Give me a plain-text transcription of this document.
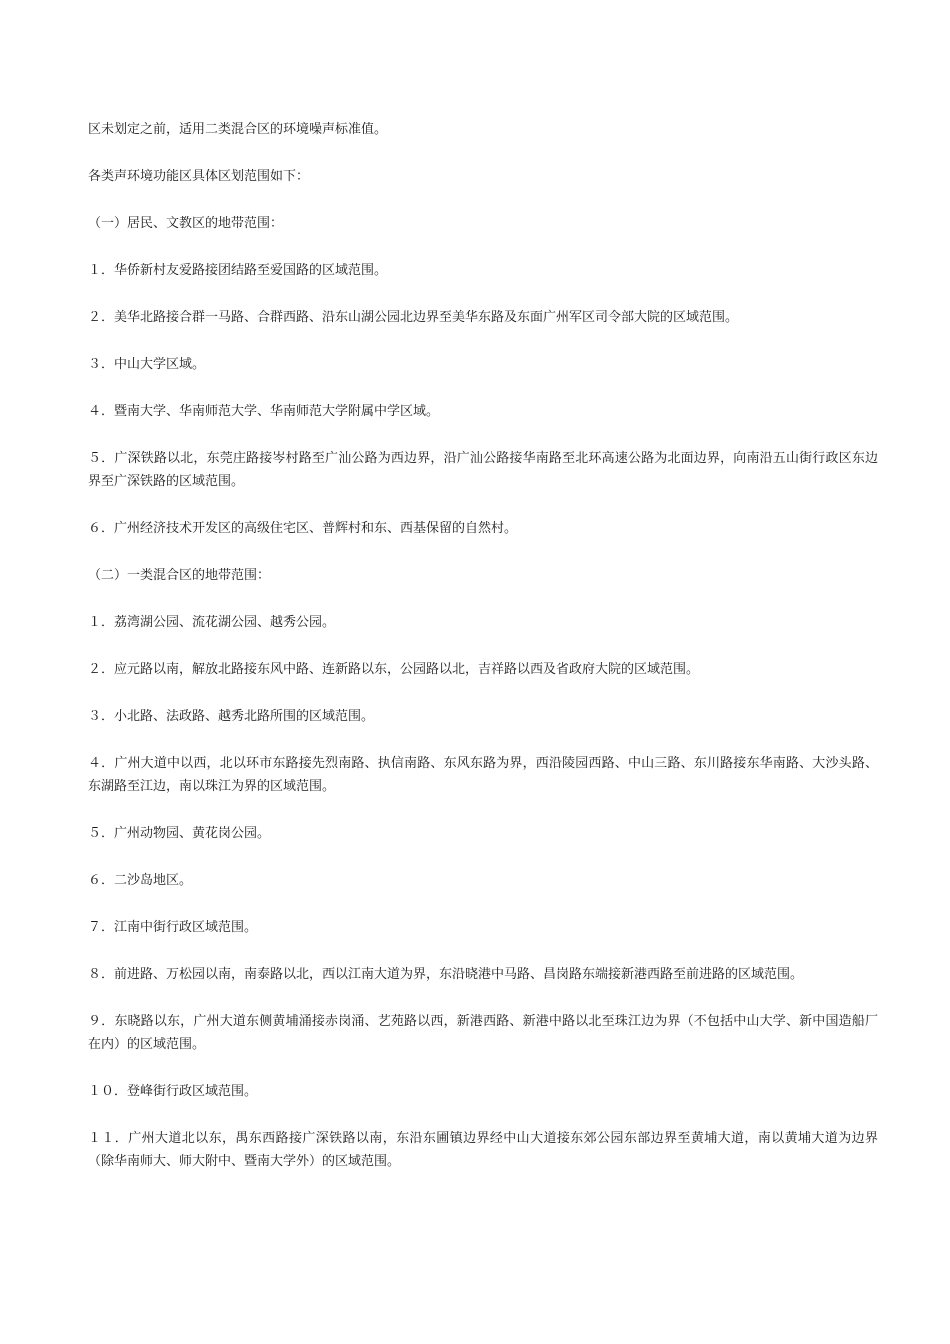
区未划定之前，适用二类混合区的环境噪声标准值。

各类声环境功能区具体区划范围如下：

（一）居民、文教区的地带范围：

１．华侨新村友爱路接团结路至爱国路的区域范围。

２．美华北路接合群一马路、合群西路、沿东山湖公园北边界至美华东路及东面广州军区司令部大院的区域范围。

３．中山大学区域。

４．暨南大学、华南师范大学、华南师范大学附属中学区域。

５．广深铁路以北，东莞庄路接岑村路至广汕公路为西边界，沿广汕公路接华南路至北环高速公路为北面边界，向南沿五山街行政区东边界至广深铁路的区域范围。

６．广州经济技术开发区的高级住宅区、普辉村和东、西基保留的自然村。

（二）一类混合区的地带范围：

１．荔湾湖公园、流花湖公园、越秀公园。

２．应元路以南，解放北路接东风中路、连新路以东，公园路以北，吉祥路以西及省政府大院的区域范围。

３．小北路、法政路、越秀北路所围的区域范围。

４．广州大道中以西，北以环市东路接先烈南路、执信南路、东风东路为界，西沿陵园西路、中山三路、东川路接东华南路、大沙头路、东湖路至江边，南以珠江为界的区域范围。

５．广州动物园、黄花岗公园。

６．二沙岛地区。

７．江南中街行政区域范围。

８．前进路、万松园以南，南泰路以北，西以江南大道为界，东沿晓港中马路、昌岗路东端接新港西路至前进路的区域范围。

９．东晓路以东，广州大道东侧黄埔涌接赤岗涌、艺苑路以西，新港西路、新港中路以北至珠江边为界（不包括中山大学、新中国造船厂在内）的区域范围。

１０．登峰街行政区域范围。

１１．广州大道北以东，禺东西路接广深铁路以南，东沿东圃镇边界经中山大道接东郊公园东部边界至黄埔大道，南以黄埔大道为边界（除华南师大、师大附中、暨南大学外）的区域范围。
